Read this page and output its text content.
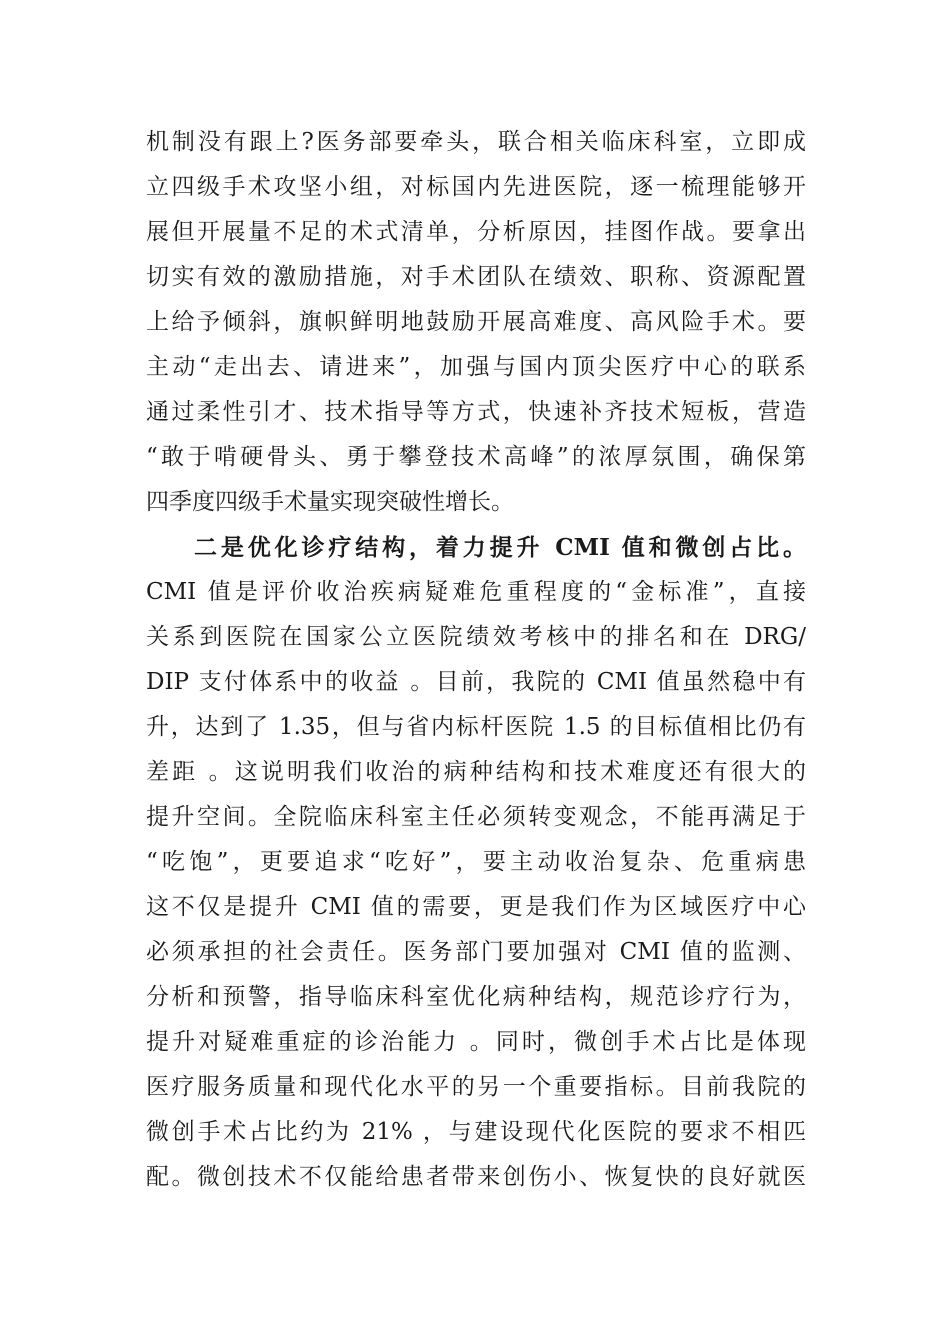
机制没有跟上?医务部要牵头，联合相关临床科室，立即成
立四级手术攻坚小组，对标国内先进医院，逐一梳理能够开
展但开展量不足的术式清单，分析原因，挂图作战。要拿出
切实有效的激励措施，对手术团队在绩效、职称、资源配置
上给予倾斜，旗帜鲜明地鼓励开展高难度、高风险手术。要
主动“走出去、请进来”，加强与国内顶尖医疗中心的联系
通过柔性引才、技术指导等方式，快速补齐技术短板，营造
“敢于啃硬骨头、勇于攀登技术高峰”的浓厚氛围，确保第
四季度四级手术量实现突破性增长。
二是优化诊疗结构，着力提升 CMI 值和微创占比。
CMI 值是评价收治疾病疑难危重程度的“金标准”，直接
关系到医院在国家公立医院绩效考核中的排名和在 DRG/
DIP 支付体系中的收益 。目前，我院的 CMI 值虽然稳中有
升，达到了 1.35，但与省内标杆医院 1.5 的目标值相比仍有
差距 。这说明我们收治的病种结构和技术难度还有很大的
提升空间。全院临床科室主任必须转变观念，不能再满足于
“吃饱”，更要追求“吃好”，要主动收治复杂、危重病患
这不仅是提升 CMI 值的需要，更是我们作为区域医疗中心
必须承担的社会责任。医务部门要加强对 CMI 值的监测、
分析和预警，指导临床科室优化病种结构，规范诊疗行为，
提升对疑难重症的诊治能力 。同时，微创手术占比是体现
医疗服务质量和现代化水平的另一个重要指标。目前我院的
微创手术占比约为 21% ，与建设现代化医院的要求不相匹
配。微创技术不仅能给患者带来创伤小、恢复快的良好就医
